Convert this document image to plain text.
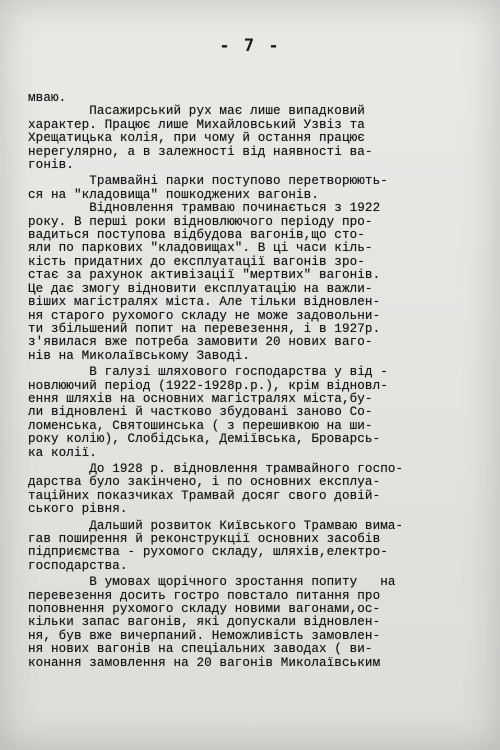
- 7 -
мваю.
Пасажирський рух має лише випадковий
характер. Працює лише Михайловський Узвіз та
Хрещатицька колія, при чому й остання працює
нерегулярно, а в залежності від наявності ва-
гонів.
Трамвайні парки поступово перетворюють-
ся на "кладовища" пошкоджених вагонів.
Відновлення трамваю починається з 1922
року. В перші роки відновлюючого періоду про-
вадиться поступова відбудова вагонів,що сто-
яли по паркових "кладовищах". В ці часи кіль-
кість придатних до експлуатації вагонів зро-
стає за рахунок активізації "мертвих" вагонів.
Це дає змогу відновити експлуатацію на важли-
віших магістралях міста. Але тільки відновлен-
ня старого рухомого складу не може задовольни-
ти збільшений попит на перевезення, і в 1927р.
з'явилася вже потреба замовити 20 нових ваго-
нів на Миколаївському Заводі.
В галузі шляхового господарства у від -
новлюючий період (1922-1928р.р.), крім відновл-
ення шляхів на основних магістралях міста,бу-
ли відновлені й частково збудовані заново Со-
ломенська, Святошинська ( з перешивкою на ши-
року колію), Слобідська, Деміївська, Броварсь-
ка колії.
До 1928 р. відновлення трамвайного госпо-
дарства було закінчено, і по основних експлуа-
таційних показчиках Трамвай досяг свого довій-
ського рівня.
Дальший розвиток Київського Трамваю вима-
гав поширення й реконструкції основних засобів
підприємства - рухомого складу, шляхів,електро-
господарства.
В умовах щорічного зростання попиту   на
перевезення досить гостро повстало питання про
поповнення рухомого складу новими вагонами,ос-
кільки запас вагонів, які допускали відновлен-
ня, був вже вичерпаний. Неможливість замовлен-
ня нових вагонів на спеціальних заводах ( ви-
конання замовлення на 20 вагонів Миколаївським
